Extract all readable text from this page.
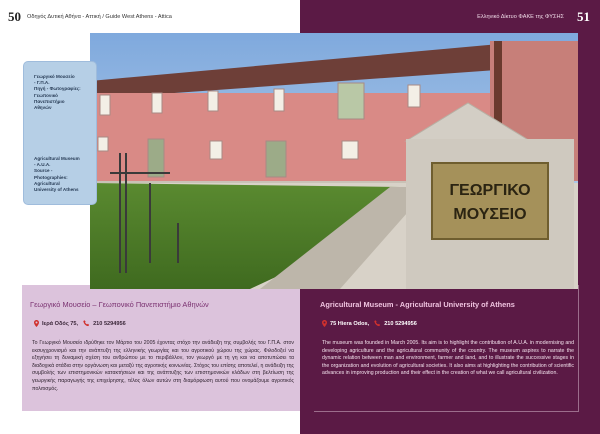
50 Οδηγός Δυτική Αθήνα - Αττική / Guide West Athens - Attica	Ελληνικό Δίκτυο ΦΑΚΕ της ΦΥΣΗΣ 51
ΓΕΩΡΓΙΚΟ
ΜΟΥΣΕΙΟ
Γεωργικό Μουσείο
- Γ.Π.Α.
Πηγή - Φωτογραφίες:
Γεωπονικό
Πανεπιστήμιο
Αθηνών
Agricultural Museum
- A.U.A.
Source -
Photographies:
Agricultural
University of Athens
Γεωργικό Μουσείο – Γεωπονικό Πανεπιστήμιο Αθηνών	Agricultural Museum - Agricultural University of Athens
Ιερά Οδός 75,	210 5294956	75 Hiera Odos,	210 5294956
Το Γεωργικό Μουσείο ιδρύθηκε τον Μάρτιο του 2005 έχοντας στόχο την ανάδειξη της συμβολής του Γ.Π.Α. στον εκσυγχρονισμό και την ανάπτυξη της ελληνικής γεωργίας και του αγροτικού χώρου της χώρας. Φιλοδοξεί να εξηγήσει τη δυναμική σχέση του ανθρώπου με το περιβάλλον, τον γεωργό με τη γη και να αποτυπώσει τα διαδοχικά στάδια στην οργάνωση και μεταξύ της αγροτικής κοινωνίας. Στόχος του επίσης αποτελεί, η ανάδειξη της συμβολής των επιστημονικών κατακτήσεων και της ανάπτυξης των επιστημονικών κλάδων στη βελτίωση της γεωργικής παραγωγής της επιχείρησης, τέλος όλων αυτών στη διαμόρφωση αυτού που ονομάζουμε αγροτικός πολιτισμός.
The museum was founded in March 2005. Its aim is to highlight the contribution of A.U.A. in modernising and developing agriculture and the agricultural community of the country. The museum aspires to narrate the dynamic relation between man and environment, farmer and land, and to illustrate the successive stages in the organization and evolution of agricultural societies. It also aims at highlighting the contribution of scientific advances in improving production and their effect in the creation of what we call agricultural civilization.
